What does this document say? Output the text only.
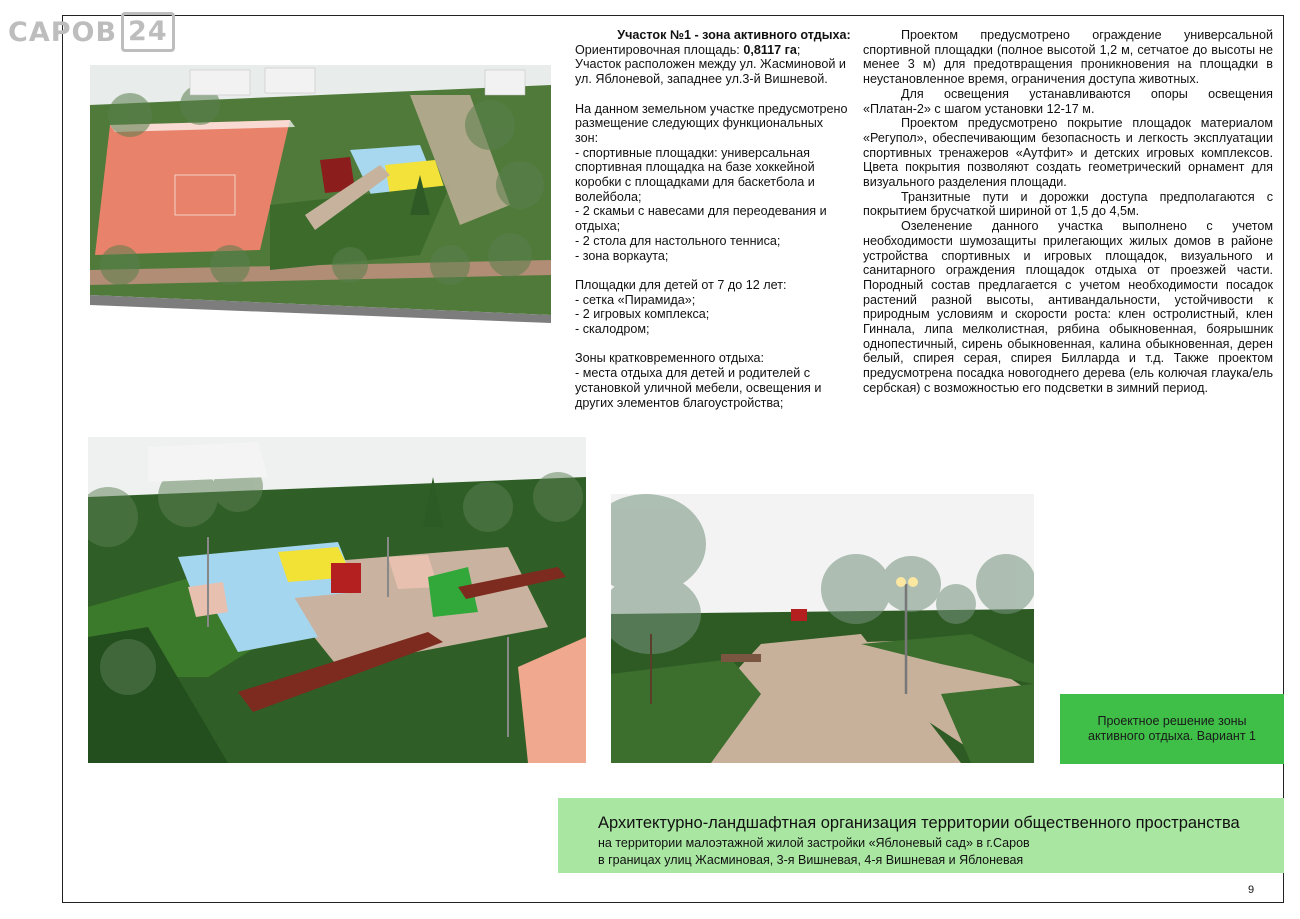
САРОВ 24	Участок №1 - зона активного отдыха:

Ориентировочная площадь: 0,8117 га;

Участок расположен между ул. Жасминовой и

ул. Яблоневой, западнее ул.3-й Вишневой.

На данном земельном участке предусмотрено

размещение следующих функциональных

зон:

- спортивные площадки: универсальная

спортивная площадка на базе хоккейной

коробки с площадками для баскетбола и

волейбола;

- 2 скамьи с навесами для переодевания и

отдыха;

- 2 стола для настольного тенниса;

- зона воркаута;

Площадки для детей от 7 до 12 лет:

- сетка «Пирамида»;

- 2 игровых комплекса;

- скалодром;

Зоны кратковременного отдыха:

- места отдыха для детей и родителей с

установкой уличной мебели, освещения и

других элементов благоустройства;

Проектом предусмотрено ограждение универсальной спортивной площадки (полное высотой 1,2 м, сетчатое до высоты не менее 3 м) для предотвращения проникновения на площадки в неустановленное время, ограничения доступа животных.

Для освещения устанавливаются опоры освещения «Платан-2» с шагом установки 12-17 м.

Проектом предусмотрено покрытие площадок материалом «Регупол», обеспечивающим безопасность и легкость эксплуатации спортивных тренажеров «Аутфит» и детских игровых комплексов. Цвета покрытия позволяют создать геометрический орнамент для визуального разделения площади.

Транзитные пути и дорожки доступа предполагаются с покрытием брусчаткой шириной от 1,5 до 4,5м.

Озеленение данного участка выполнено с учетом необходимости шумозащиты прилегающих жилых домов в районе устройства спортивных и игровых площадок, визуального и санитарного ограждения площадок отдыха от проезжей части. Породный состав предлагается с учетом необходимости посадок растений разной высоты, антивандальности, устойчивости к природным условиям и скорости роста: клен остролистный, клен Гиннала, липа мелколистная, рябина обыкновенная, боярышник однопестичный, сирень обыкновенная, калина обыкновенная, дерен белый, спирея серая, спирея Билларда и т.д. Также проектом предусмотрена посадка новогоднего дерева (ель колючая глаука/ель сербская) с возможностью его подсветки в зимний период.

Проектное решение зоны активного отдыха. Вариант 1
Архитектурно-ландшафтная организация территории общественного пространства
на территории малоэтажной жилой застройки «Яблоневый сад» в г.Саров
в границах улиц Жасминовая, 3-я Вишневая, 4-я Вишневая и Яблоневая
9
